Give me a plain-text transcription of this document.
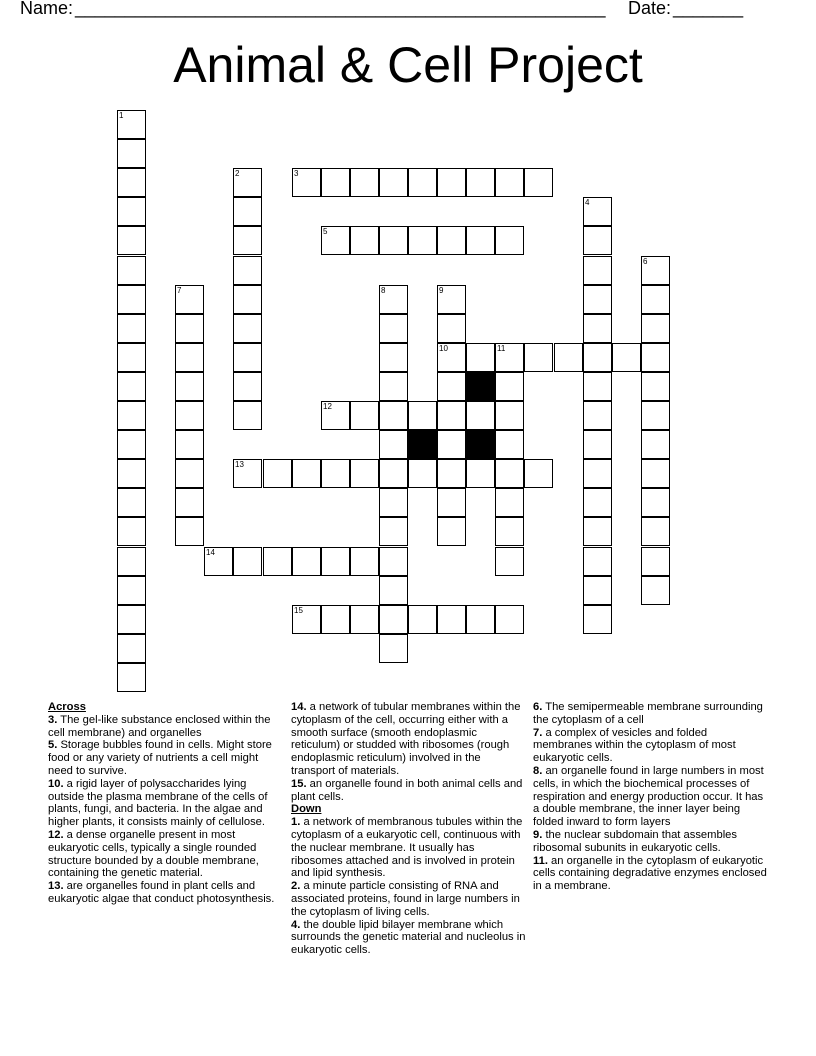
Name: _____________________________________________________ Date: _______
Animal & Cell Project
1
2	3
4
5
6
7	8	9
10	11
12
13
14
15

Across

3. The gel-like substance enclosed within the cell membrane) and organelles

5. Storage bubbles found in cells. Might store food or any variety of nutrients a cell might need to survive.

10. a rigid layer of polysaccharides lying outside the plasma membrane of the cells of plants, fungi, and bacteria. In the algae and higher plants, it consists mainly of cellulose.

12. a dense organelle present in most eukaryotic cells, typically a single rounded structure bounded by a double membrane, containing the genetic material.

13. are organelles found in plant cells and eukaryotic algae that conduct photosynthesis.

14. a network of tubular membranes within the cytoplasm of the cell, occurring either with a smooth surface (smooth endoplasmic reticulum) or studded with ribosomes (rough endoplasmic reticulum) involved in the transport of materials.

15. an organelle found in both animal cells and plant cells.

Down

1. a network of membranous tubules within the cytoplasm of a eukaryotic cell, continuous with the nuclear membrane. It usually has ribosomes attached and is involved in protein and lipid synthesis.

2. a minute particle consisting of RNA and associated proteins, found in large numbers in the cytoplasm of living cells.

4. the double lipid bilayer membrane which surrounds the genetic material and nucleolus in eukaryotic cells.

6. The semipermeable membrane surrounding the cytoplasm of a cell

7. a complex of vesicles and folded membranes within the cytoplasm of most eukaryotic cells.

8. an organelle found in large numbers in most cells, in which the biochemical processes of respiration and energy production occur. It has a double membrane, the inner layer being folded inward to form layers

9. the nuclear subdomain that assembles ribosomal subunits in eukaryotic cells.

11. an organelle in the cytoplasm of eukaryotic cells containing degradative enzymes enclosed in a membrane.
